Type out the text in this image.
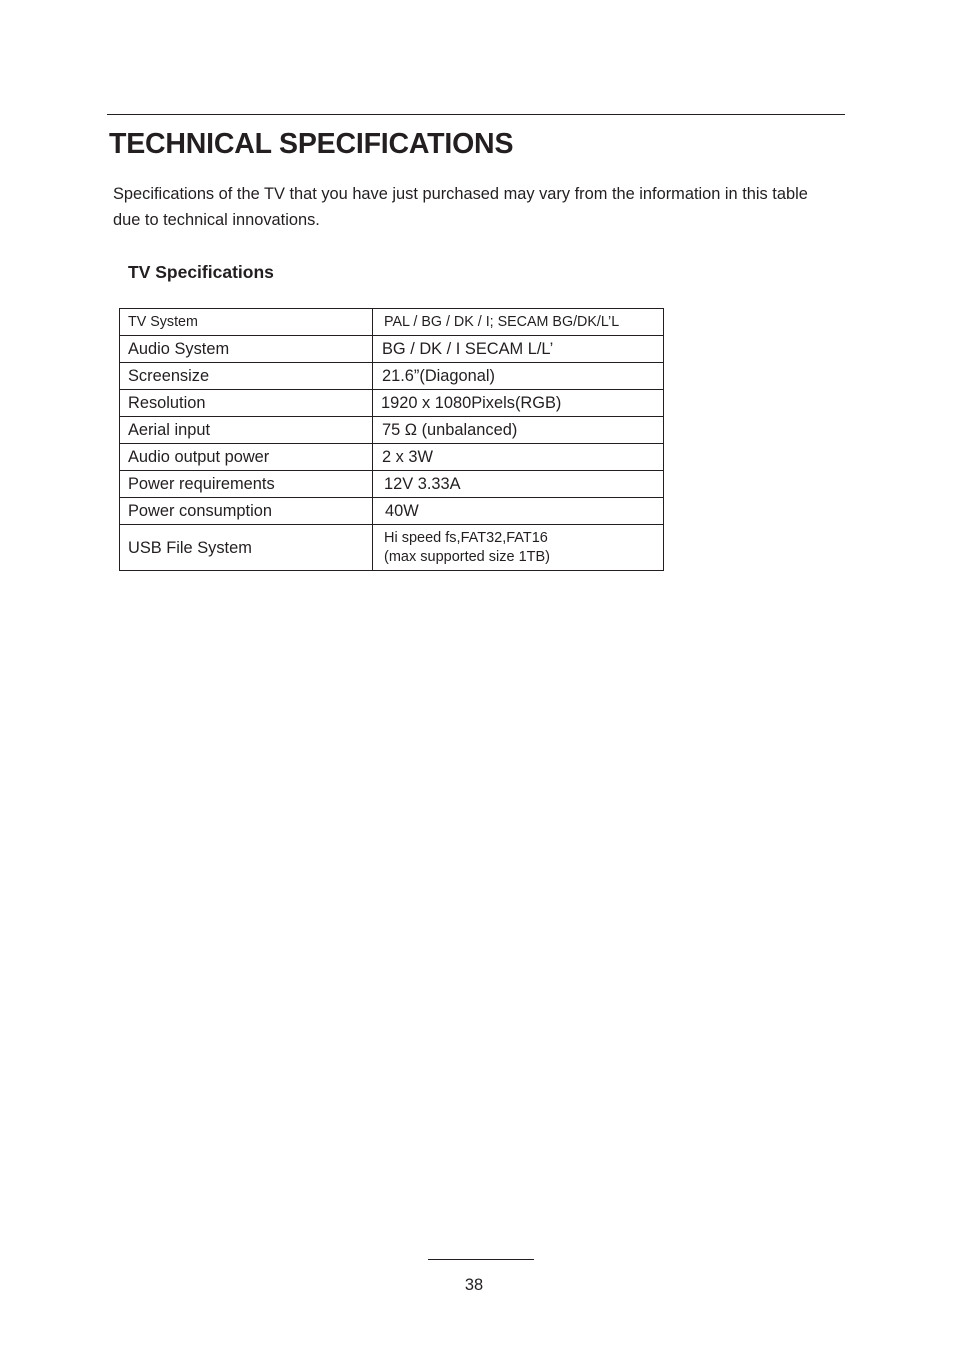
TECHNICAL SPECIFICATIONS

Specifications of the TV that you have just purchased may vary from the information in this table due to technical innovations.

TV Specifications
TV System	PAL / BG / DK / I; SECAM BG/DK/L’L
Audio System	BG / DK / I SECAM L/L’
Screensize	21.6”(Diagonal)
Resolution	1920 x 1080Pixels(RGB)
Aerial input	75 Ω (unbalanced)
Audio output power	2 x 3W
Power requirements	12V 3.33A
Power consumption	40W
USB File System	Hi speed fs,FAT32,FAT16
(max supported size 1TB)
38
